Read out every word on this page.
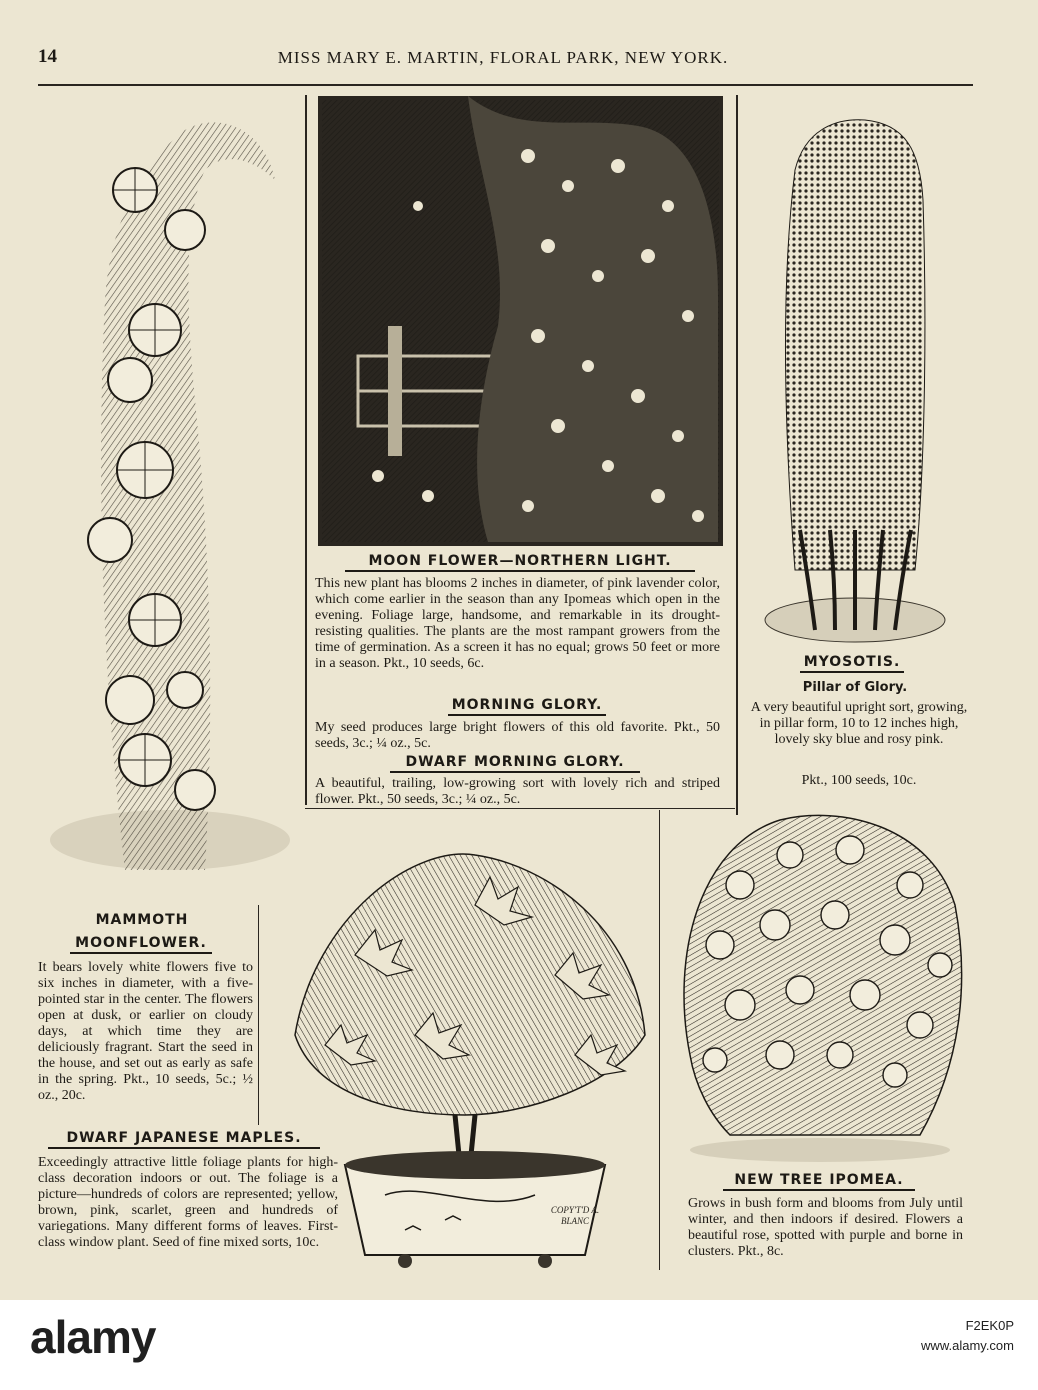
14	MISS MARY E. MARTIN, FLORAL PARK, NEW YORK.
MOON FLOWER—NORTHERN LIGHT.
This new plant has blooms 2 inches in diameter, of pink lavender color, which come earlier in the season than any Ipomeas which open in the evening. Foliage large, handsome, and remarkable in its drought-resisting qualities. The plants are the most rampant growers from the time of germination. As a screen it has no equal; grows 50 feet or more in a season. Pkt., 10 seeds, 6c.
MORNING GLORY.
My seed produces large bright flowers of this old favorite. Pkt., 50 seeds, 3c.; ¼ oz., 5c.
DWARF MORNING GLORY.
A beautiful, trailing, low-growing sort with lovely rich and striped flower. Pkt., 50 seeds, 3c.; ¼ oz., 5c.
MYOSOTIS.
Pillar of Glory.
A very beautiful upright sort, growing, in pillar form, 10 to 12 inches high, lovely sky blue and rosy pink.
Pkt., 100 seeds, 10c.
MAMMOTH
MOONFLOWER.
It bears lovely white flowers five to six inches in diameter, with a five-pointed star in the center. The flowers open at dusk, or earlier on cloudy days, at which time they are deliciously fragrant. Start the seed in the house, and set out as early as safe in the spring. Pkt., 10 seeds, 5c.; ½ oz., 20c.
COPY'T'D A. BLANC
DWARF JAPANESE MAPLES.
Exceedingly attractive little foliage plants for high-class decoration indoors or out. The foliage is a picture—hundreds of colors are represented; yellow, brown, pink, scarlet, green and hundreds of variegations. Many different forms of leaves. First-class window plant. Seed of fine mixed sorts, 10c.
NEW TREE IPOMEA.
Grows in bush form and blooms from July until winter, and then indoors if desired. Flowers a beautiful rose, spotted with purple and borne in clusters. Pkt., 8c.
alamy	F2EK0P
www.alamy.com
